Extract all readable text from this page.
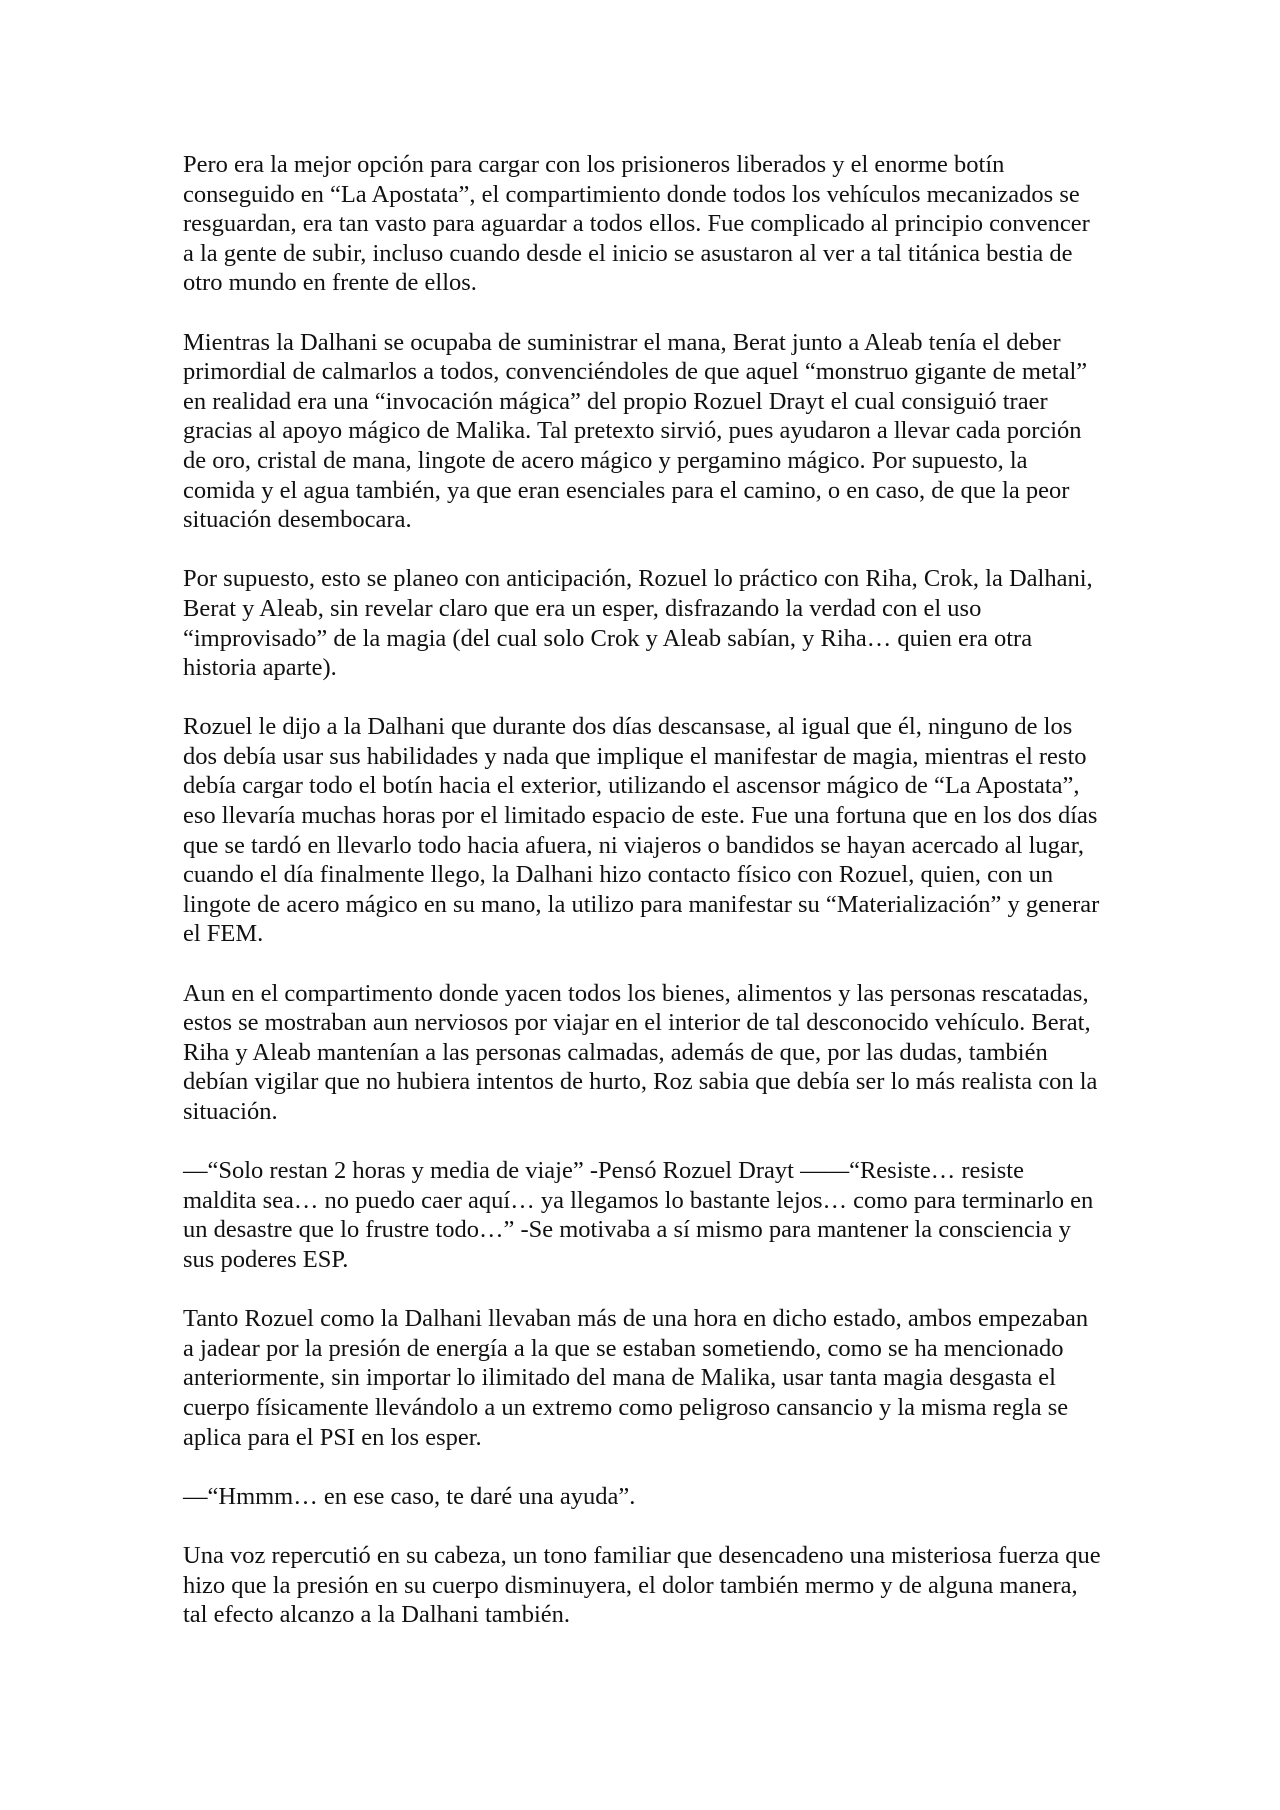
Pero era la mejor opción para cargar con los prisioneros liberados y el enorme botín conseguido en “La Apostata”, el compartimiento donde todos los vehículos mecanizados se resguardan, era tan vasto para aguardar a todos ellos. Fue complicado al principio convencer a la gente de subir, incluso cuando desde el inicio se asustaron al ver a tal titánica bestia de otro mundo en frente de ellos.

Mientras la Dalhani se ocupaba de suministrar el mana, Berat junto a Aleab tenía el deber primordial de calmarlos a todos, convenciéndoles de que aquel “monstruo gigante de metal” en realidad era una “invocación mágica” del propio Rozuel Drayt el cual consiguió traer gracias al apoyo mágico de Malika. Tal pretexto sirvió, pues ayudaron a llevar cada porción de oro, cristal de mana, lingote de acero mágico y pergamino mágico. Por supuesto, la comida y el agua también, ya que eran esenciales para el camino, o en caso, de que la peor situación desembocara.

Por supuesto, esto se planeo con anticipación, Rozuel lo práctico con Riha, Crok, la Dalhani, Berat y Aleab, sin revelar claro que era un esper, disfrazando la verdad con el uso “improvisado” de la magia (del cual solo Crok y Aleab sabían, y Riha… quien era otra historia aparte).

Rozuel le dijo a la Dalhani que durante dos días descansase, al igual que él, ninguno de los dos debía usar sus habilidades y nada que implique el manifestar de magia, mientras el resto debía cargar todo el botín hacia el exterior, utilizando el ascensor mágico de “La Apostata”, eso llevaría muchas horas por el limitado espacio de este. Fue una fortuna que en los dos días que se tardó en llevarlo todo hacia afuera, ni viajeros o bandidos se hayan acercado al lugar, cuando el día finalmente llego, la Dalhani hizo contacto físico con Rozuel, quien, con un lingote de acero mágico en su mano, la utilizo para manifestar su “Materialización” y generar el FEM.

Aun en el compartimento donde yacen todos los bienes, alimentos y las personas rescatadas, estos se mostraban aun nerviosos por viajar en el interior de tal desconocido vehículo. Berat, Riha y Aleab mantenían a las personas calmadas, además de que, por las dudas, también debían vigilar que no hubiera intentos de hurto, Roz sabia que debía ser lo más realista con la situación.

—“Solo restan 2 horas y media de viaje” -Pensó Rozuel Drayt ——“Resiste… resiste maldita sea… no puedo caer aquí… ya llegamos lo bastante lejos… como para terminarlo en un desastre que lo frustre todo…” -Se motivaba a sí mismo para mantener la consciencia y sus poderes ESP.

Tanto Rozuel como la Dalhani llevaban más de una hora en dicho estado, ambos empezaban a jadear por la presión de energía a la que se estaban sometiendo, como se ha mencionado anteriormente, sin importar lo ilimitado del mana de Malika, usar tanta magia desgasta el cuerpo físicamente llevándolo a un extremo como peligroso cansancio y la misma regla se aplica para el PSI en los esper.

—“Hmmm… en ese caso, te daré una ayuda”.

Una voz repercutió en su cabeza, un tono familiar que desencadeno una misteriosa fuerza que hizo que la presión en su cuerpo disminuyera, el dolor también mermo y de alguna manera, tal efecto alcanzo a la Dalhani también.
